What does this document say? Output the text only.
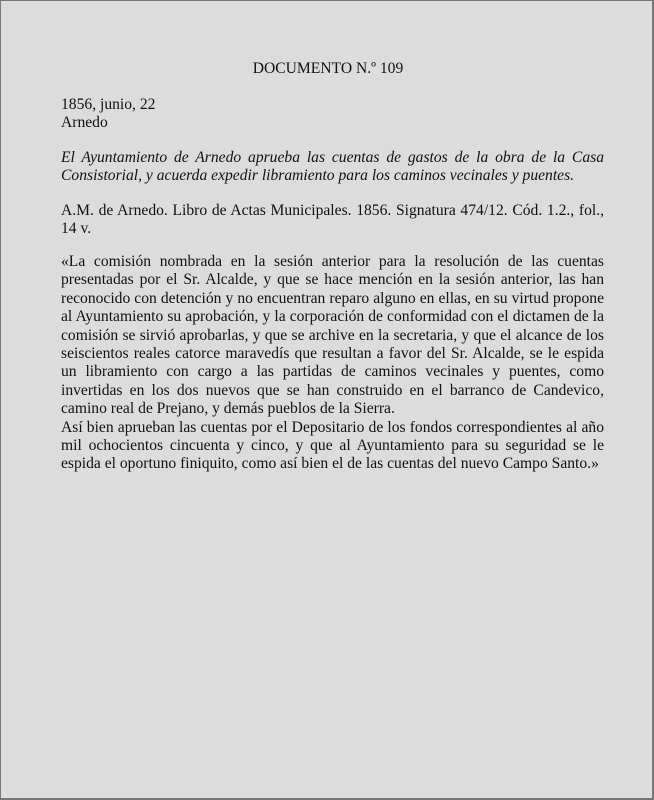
DOCUMENTO N.º 109
1856, junio, 22
Arnedo

El Ayuntamiento de Arnedo aprueba las cuentas de gastos de la obra de la Casa Consistorial, y acuerda expedir libramiento para los caminos vecinales y puentes.

A.M. de Arnedo. Libro de Actas Municipales. 1856. Signatura 474/12. Cód. 1.2., fol., 14 v.

«La comisión nombrada en la sesión anterior para la resolución de las cuentas presentadas por el Sr. Alcalde, y que se hace mención en la sesión anterior, las han reconocido con detención y no encuentran reparo alguno en ellas, en su virtud propone al Ayuntamiento su aprobación, y la corporación de conformidad con el dictamen de la comisión se sirvió aprobarlas, y que se archive en la secretaria, y que el alcance de los seiscientos reales catorce maravedís que resultan a favor del Sr. Alcalde, se le espida un libramiento con cargo a las partidas de caminos vecinales y puentes, como invertidas en los dos nuevos que se han construido en el barranco de Candevico, camino real de Prejano, y demás pueblos de la Sierra.

Así bien aprueban las cuentas por el Depositario de los fondos correspondientes al año mil ochocientos cincuenta y cinco, y que al Ayuntamiento para su seguridad se le espida el oportuno finiquito, como así bien el de las cuentas del nuevo Campo Santo.»
